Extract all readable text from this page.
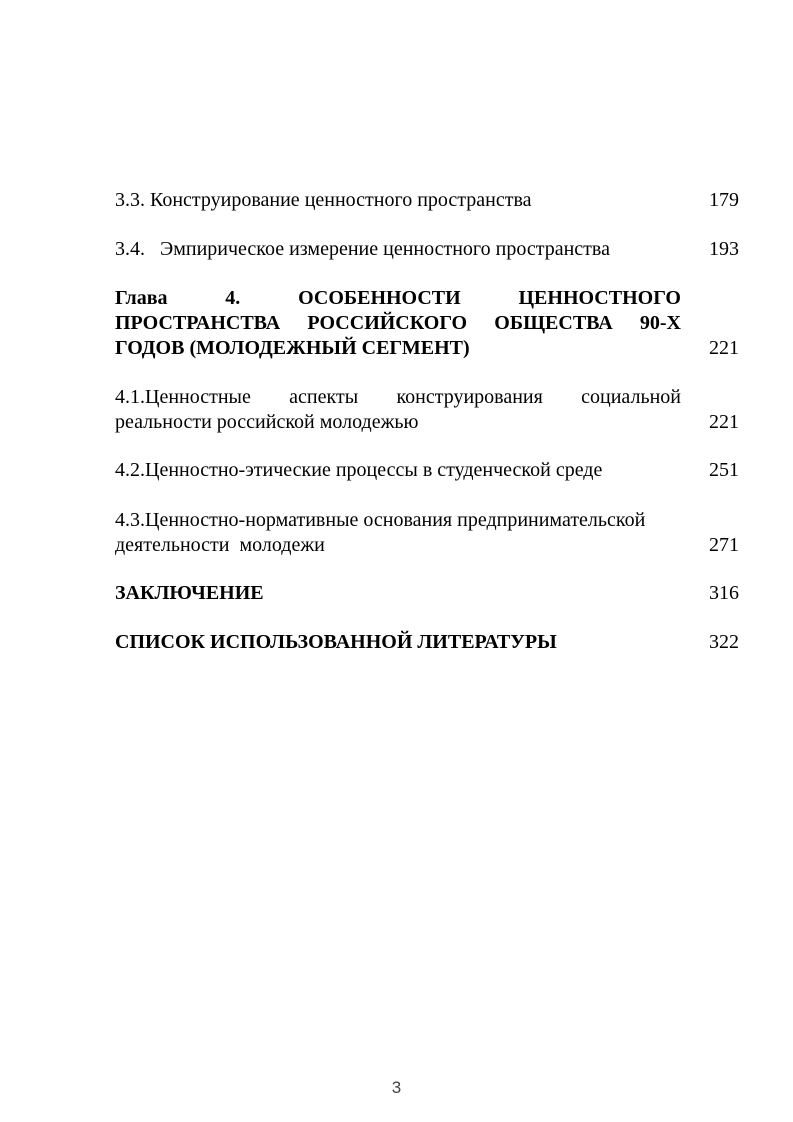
3.3. Конструирование ценностного пространства	179
3.4.   Эмпирическое измерение ценностного пространства	193
Глава 4. ОСОБЕННОСТИ ЦЕННОСТНОГО
ПРОСТРАНСТВА РОССИЙСКОГО ОБЩЕСТВА 90-Х
ГОДОВ (МОЛОДЕЖНЫЙ СЕГМЕНТ)	221
4.1.Ценностные аспекты конструирования социальной
реальности российской молодежью	221
4.2.Ценностно-этические процессы в студенческой среде	251
4.3.Ценностно-нормативные основания предпринимательской
деятельности  молодежи	271
ЗАКЛЮЧЕНИЕ	316
СПИСОК ИСПОЛЬЗОВАННОЙ ЛИТЕРАТУРЫ	322
3
